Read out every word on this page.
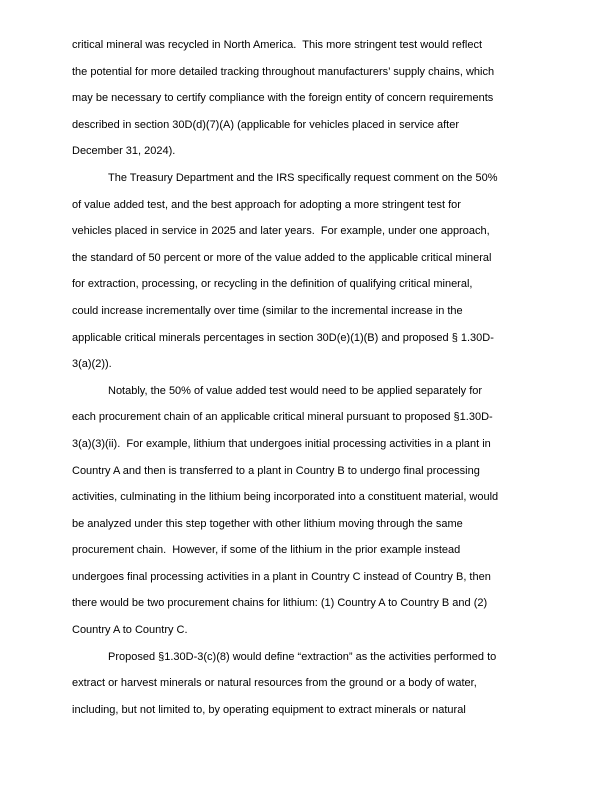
critical mineral was recycled in North America.  This more stringent test would reflect

the potential for more detailed tracking throughout manufacturers’ supply chains, which

may be necessary to certify compliance with the foreign entity of concern requirements

described in section 30D(d)(7)(A) (applicable for vehicles placed in service after

December 31, 2024).

The Treasury Department and the IRS specifically request comment on the 50%

of value added test, and the best approach for adopting a more stringent test for

vehicles placed in service in 2025 and later years.  For example, under one approach,

the standard of 50 percent or more of the value added to the applicable critical mineral

for extraction, processing, or recycling in the definition of qualifying critical mineral,

could increase incrementally over time (similar to the incremental increase in the

applicable critical minerals percentages in section 30D(e)(1)(B) and proposed § 1.30D-

3(a)(2)).

Notably, the 50% of value added test would need to be applied separately for

each procurement chain of an applicable critical mineral pursuant to proposed §1.30D-

3(a)(3)(ii).  For example, lithium that undergoes initial processing activities in a plant in

Country A and then is transferred to a plant in Country B to undergo final processing

activities, culminating in the lithium being incorporated into a constituent material, would

be analyzed under this step together with other lithium moving through the same

procurement chain.  However, if some of the lithium in the prior example instead

undergoes final processing activities in a plant in Country C instead of Country B, then

there would be two procurement chains for lithium: (1) Country A to Country B and (2)

Country A to Country C.

Proposed §1.30D-3(c)(8) would define “extraction” as the activities performed to

extract or harvest minerals or natural resources from the ground or a body of water,

including, but not limited to, by operating equipment to extract minerals or natural
